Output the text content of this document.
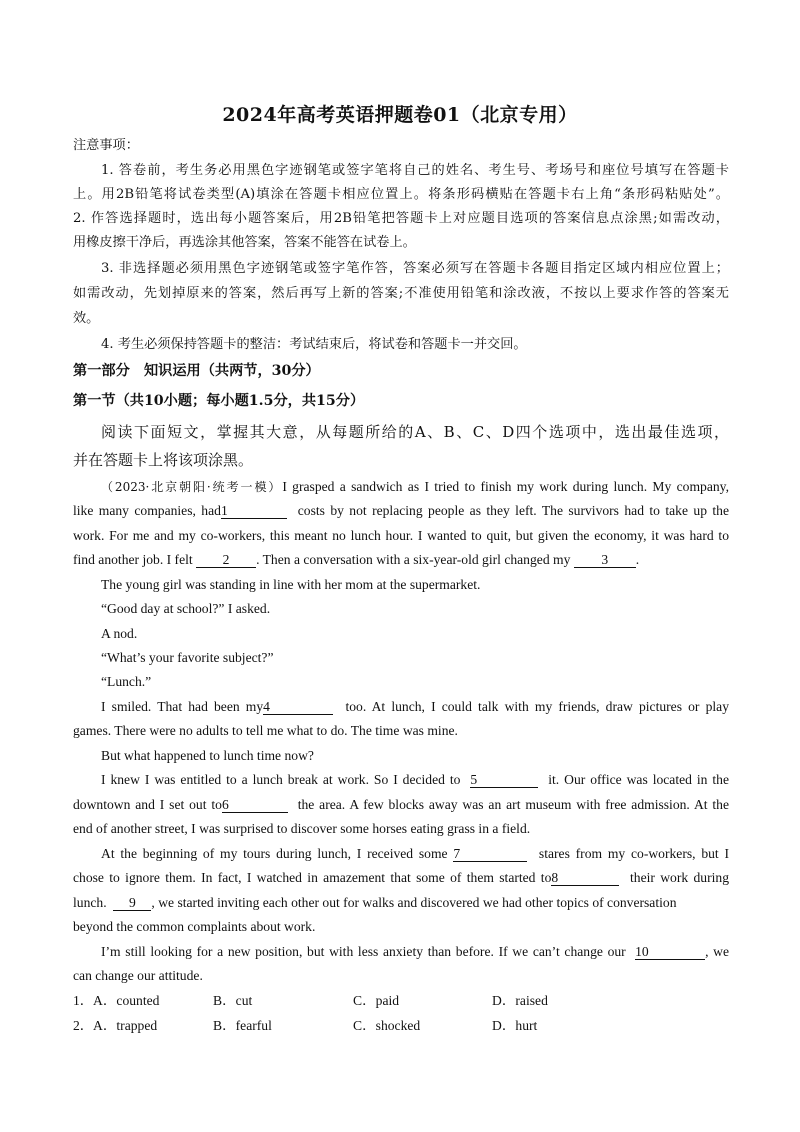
2024年高考英语押题卷01（北京专用）
注意事项：
1. 答卷前，考生务必用黑色字迹钢笔或签字笔将自己的姓名、考生号、考场号和座位号填写在答题卡
上。用2B铅笔将试卷类型(A)填涂在答题卡相应位置上。将条形码横贴在答题卡右上角“条形码粘贴处”。
2. 作答选择题时，选出每小题答案后，用2B铅笔把答题卡上对应题目选项的答案信息点涂黑;如需改动，
用橡皮擦干净后，再选涂其他答案，答案不能答在试卷上。
3. 非选择题必须用黑色字迹钢笔或签字笔作答，答案必须写在答题卡各题目指定区域内相应位置上；
如需改动，先划掉原来的答案，然后再写上新的答案;不准使用铅笔和涂改液，不按以上要求作答的答案无
效。
4. 考生必须保持答题卡的整洁：考试结束后，将试卷和答题卡一并交回。
第一部分　知识运用（共两节，30分）
第一节（共10小题；每小题1.5分，共15分）
阅读下面短文，掌握其大意，从每题所给的A、B、C、D四个选项中，选出最佳选项，
并在答题卡上将该项涂黑。
（2023·北京朝阳·统考一模）I grasped a sandwich as I tried to finish my work during lunch. My company,
like many companies, had1	costs by not replacing people as they left. The survivors had to take up the
work. For me and my co-workers, this meant no lunch hour. I wanted to quit, but given the economy, it was hard to
find another job. I felt 2 . Then a conversation with a six-year-old girl changed my 3 .
The young girl was standing in line with her mom at the supermarket.
“Good day at school?” I asked.
A nod.
“What’s your favorite subject?”
“Lunch.”
I smiled. That had been my4	too. At lunch, I could talk with my friends, draw pictures or play
games. There were no adults to tell me what to do. The time was mine.
But what happened to lunch time now?
I knew I was entitled to a lunch break at work. So I decided to 5	it. Our office was located in the
downtown and I set out to6	the area. A few blocks away was an art museum with free admission. At the
end of another street, I was surprised to discover some horses eating grass in a field.
At the beginning of my tours during lunch, I received some 7	stares from my co-workers, but I
chose to ignore them. In fact, I watched in amazement that some of them started to8	their work during
lunch. 9 , we started inviting each other out for walks and discovered we had other topics of conversation
beyond the common complaints about work.
I’m still looking for a new position, but with less anxiety than before. If we can’t change our 10	, we
can change our attitude.
1． A．counted	B．cut	C．paid	D．raised
2． A．trapped	B．fearful	C．shocked	D．hurt
